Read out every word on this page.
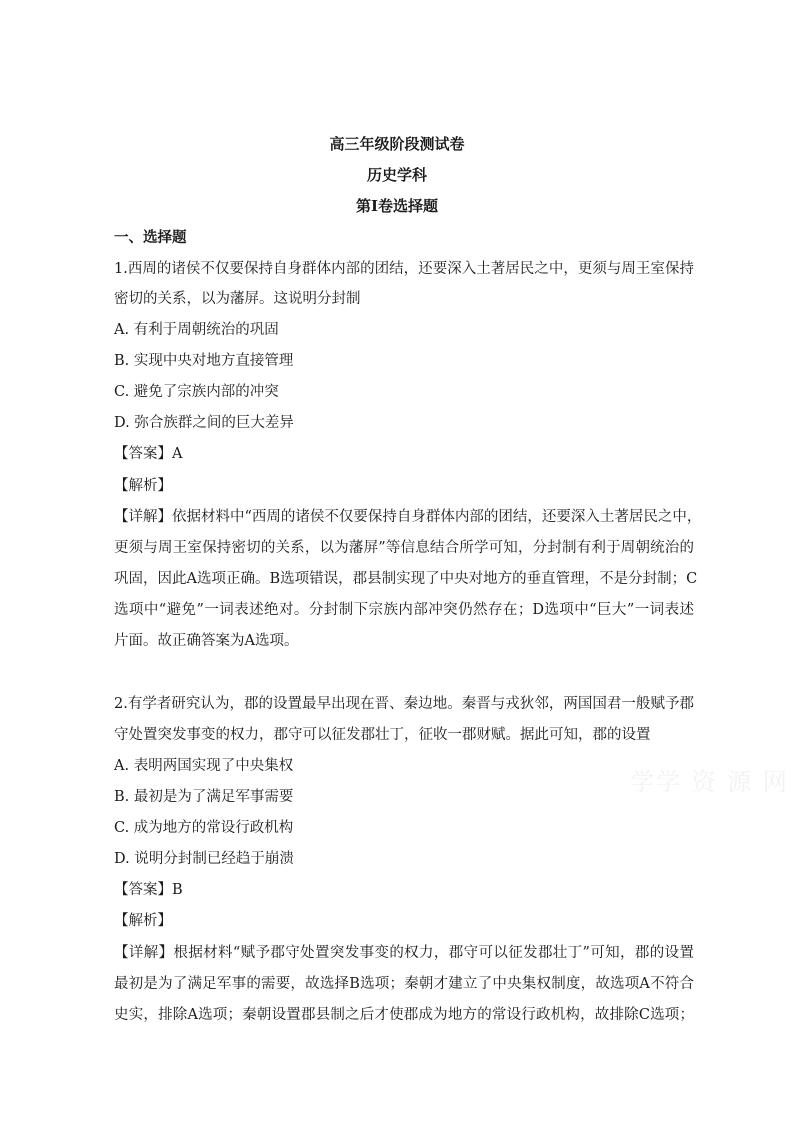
高三年级阶段测试卷
历史学科
第I卷选择题
一、选择题
1.西周的诸侯不仅要保持自身群体内部的团结，还要深入土著居民之中，更须与周王室保持
密切的关系，以为藩屏。这说明分封制
A. 有利于周朝统治的巩固
B. 实现中央对地方直接管理
C. 避免了宗族内部的冲突
D. 弥合族群之间的巨大差异
【答案】A
【解析】
【详解】依据材料中“西周的诸侯不仅要保持自身群体内部的团结，还要深入土著居民之中，
更须与周王室保持密切的关系，以为藩屏”等信息结合所学可知，分封制有利于周朝统治的
巩固，因此A选项正确。B选项错误，郡县制实现了中央对地方的垂直管理，不是分封制；C
选项中“避免”一词表述绝对。分封制下宗族内部冲突仍然存在；D选项中“巨大”一词表述
片面。故正确答案为A选项。
2.有学者研究认为，郡的设置最早出现在晋、秦边地。秦晋与戎狄邻，两国国君一般赋予郡
守处置突发事变的权力，郡守可以征发郡壮丁，征收一郡财赋。据此可知，郡的设置
A. 表明两国实现了中央集权
B. 最初是为了满足军事需要
C. 成为地方的常设行政机构
D. 说明分封制已经趋于崩溃
【答案】B
【解析】
【详解】根据材料“赋予郡守处置突发事变的权力，郡守可以征发郡壮丁”可知，郡的设置
最初是为了满足军事的需要，故选择B选项；秦朝才建立了中央集权制度，故选项A不符合
史实，排除A选项；秦朝设置郡县制之后才使郡成为地方的常设行政机构，故排除C选项；
学学 资 源 网
